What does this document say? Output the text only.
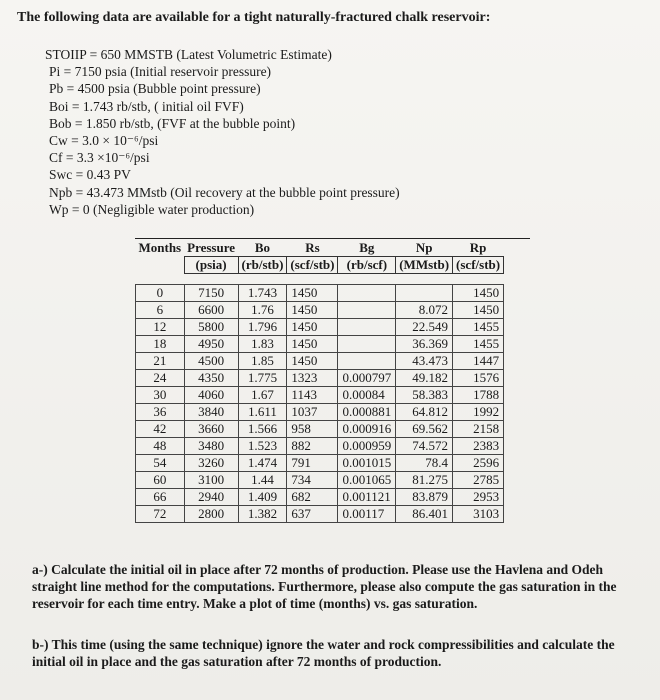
The following data are available for a tight naturally-fractured chalk reservoir:
STOIIP = 650 MMSTB (Latest Volumetric Estimate)
Pi = 7150 psia (Initial reservoir pressure)
Pb = 4500 psia (Bubble point pressure)
Boi = 1.743 rb/stb, ( initial oil FVF)
Bob = 1.850 rb/stb, (FVF at the bubble point)
Cw = 3.0 × 10⁻⁶/psi
Cf = 3.3 ×10⁻⁶/psi
Swc = 0.43 PV
Npb = 43.473 MMstb (Oil recovery at the bubble point pressure)
Wp = 0 (Negligible water production)
Months	Pressure	Bo	Rs	Bg	Np	Rp
	(psia)	(rb/stb)	(scf/stb)	(rb/scf)	(MMstb)	(scf/stb)

0	7150	1.743	1450			1450
6	6600	1.76	1450		8.072	1450
12	5800	1.796	1450		22.549	1455
18	4950	1.83	1450		36.369	1455
21	4500	1.85	1450		43.473	1447
24	4350	1.775	1323	0.000797	49.182	1576
30	4060	1.67	1143	0.00084	58.383	1788
36	3840	1.611	1037	0.000881	64.812	1992
42	3660	1.566	958	0.000916	69.562	2158
48	3480	1.523	882	0.000959	74.572	2383
54	3260	1.474	791	0.001015	78.4	2596
60	3100	1.44	734	0.001065	81.275	2785
66	2940	1.409	682	0.001121	83.879	2953
72	2800	1.382	637	0.00117	86.401	3103
a-) Calculate the initial oil in place after 72 months of production. Please use the Havlena and Odeh straight line method for the computations. Furthermore, please also compute the gas saturation in the reservoir for each time entry. Make a plot of time (months) vs. gas saturation.
b-) This time (using the same technique) ignore the water and rock compressibilities and calculate the initial oil in place and the gas saturation after 72 months of production.
